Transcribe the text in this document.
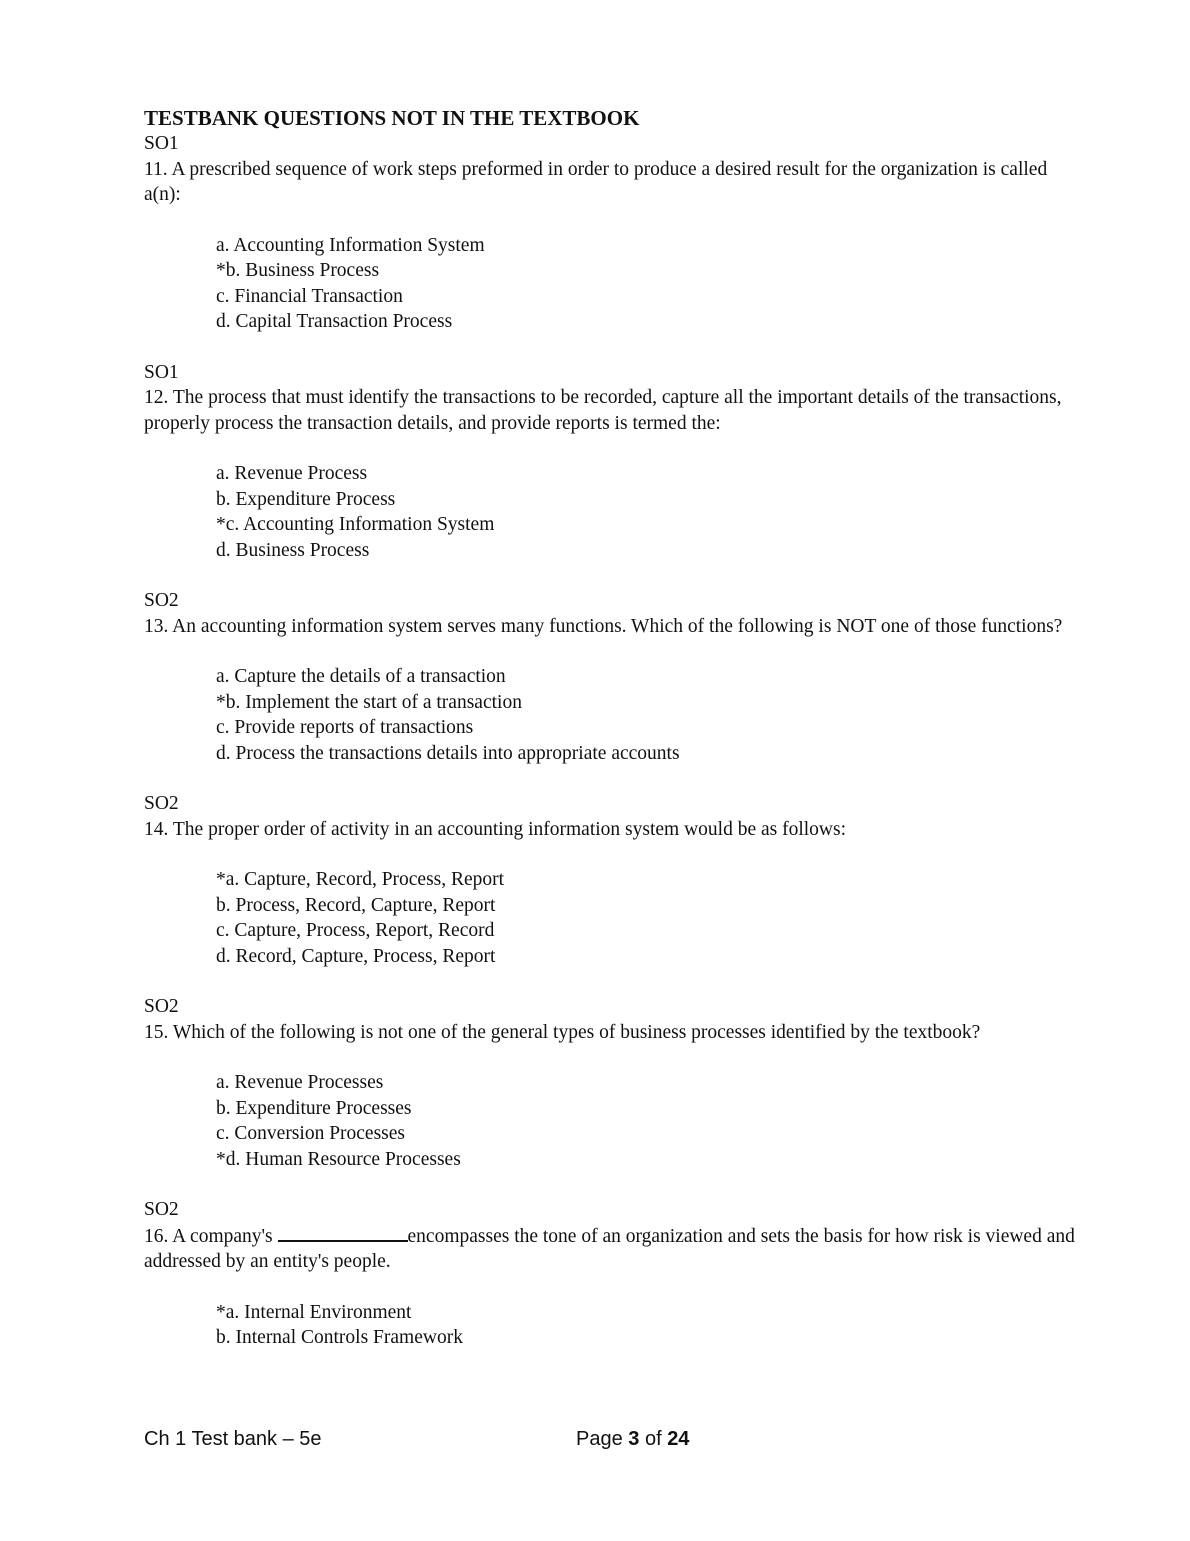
TESTBANK QUESTIONS NOT IN THE TEXTBOOK

SO1

11. A prescribed sequence of work steps preformed in order to produce a desired result for the organization is called a(n):

a. Accounting Information System

*b. Business Process

c. Financial Transaction

d. Capital Transaction Process

SO1

12. The process that must identify the transactions to be recorded, capture all the important details of the transactions, properly process the transaction details, and provide reports is termed the:

a. Revenue Process

b. Expenditure Process

*c. Accounting Information System

d. Business Process

SO2

13. An accounting information system serves many functions. Which of the following is NOT one of those functions?

a. Capture the details of a transaction

*b. Implement the start of a transaction

c. Provide reports of transactions

d. Process the transactions details into appropriate accounts

SO2

14. The proper order of activity in an accounting information system would be as follows:

*a. Capture, Record, Process, Report

b. Process, Record, Capture, Report

c. Capture, Process, Report, Record

d. Record, Capture, Process, Report

SO2

15. Which of the following is not one of the general types of business processes identified by the textbook?

a. Revenue Processes

b. Expenditure Processes

c. Conversion Processes

*d. Human Resource Processes

SO2

16. A company's	encompasses the tone of an organization and sets the basis for how risk is viewed and addressed by an entity's people.

*a. Internal Environment

b. Internal Controls Framework

Ch 1 Test bank – 5e	Page 3 of 24
